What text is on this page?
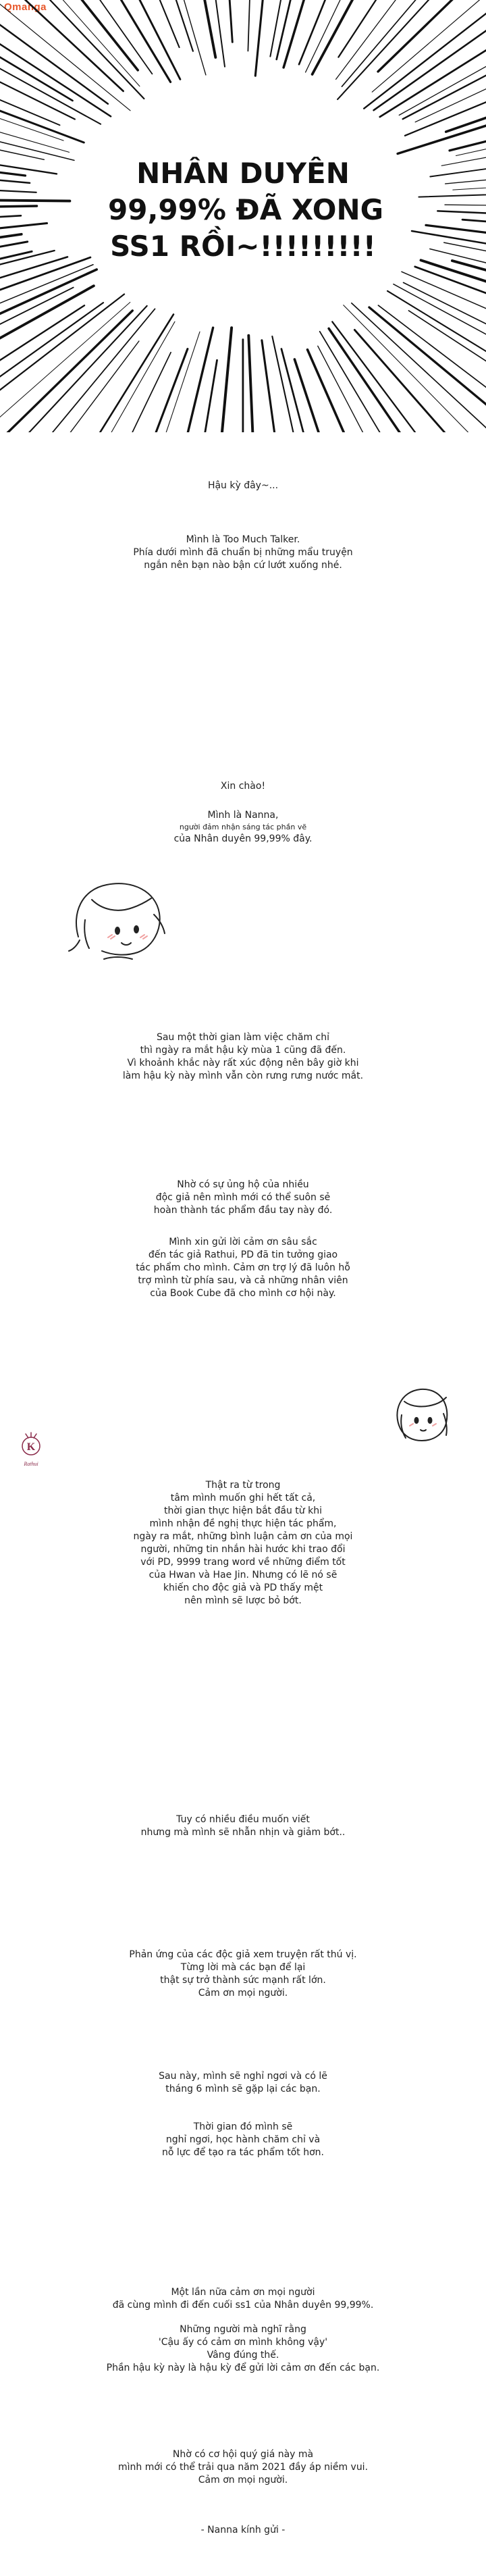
Qmanga
NHÂN DUYÊN
99,99% ĐÃ XONG
SS1 RỒI~!!!!!!!!!
Hậu kỳ đây~...
Mình là Too Much Talker.
Phía dưới mình đã chuẩn bị những mẩu truyện
ngắn nên bạn nào bận cứ lướt xuống nhé.
Xin chào!
Mình là Nanna,
người đảm nhận sáng tác phần vẽ
của Nhân duyên 99,99% đây.
Sau một thời gian làm việc chăm chỉ
thì ngày ra mắt hậu kỳ mùa 1 cũng đã đến.
Vì khoảnh khắc này rất xúc động nên bây giờ khi
làm hậu kỳ này mình vẫn còn rưng rưng nước mắt.
Nhờ có sự ủng hộ của nhiều
độc giả nên mình mới có thể suôn sẻ
hoàn thành tác phẩm đầu tay này đó.
Mình xin gửi lời cảm ơn sâu sắc
đến tác giả Rathui, PD đã tin tưởng giao
tác phẩm cho mình. Cảm ơn trợ lý đã luôn hỗ
trợ mình từ phía sau, và cả những nhân viên
của Book Cube đã cho mình cơ hội này.
Thật ra từ trong
tâm mình muốn ghi hết tất cả,
thời gian thực hiện bắt đầu từ khi
mình nhận đề nghị thực hiện tác phẩm,
ngày ra mắt, những bình luận cảm ơn của mọi
người, những tin nhắn hài hước khi trao đổi
với PD, 9999 trang word về những điểm tốt
của Hwan và Hae Jin. Nhưng có lẽ nó sẽ
khiến cho độc giả và PD thấy mệt
nên mình sẽ lược bỏ bớt.
Tuy có nhiều điều muốn viết
nhưng mà mình sẽ nhẫn nhịn và giảm bớt..
Phản ứng của các độc giả xem truyện rất thú vị.
Từng lời mà các bạn để lại
thật sự trở thành sức mạnh rất lớn.
Cảm ơn mọi người.
Sau này, mình sẽ nghỉ ngơi và có lẽ
tháng 6 mình sẽ gặp lại các bạn.
Thời gian đó mình sẽ
nghỉ ngơi, học hành chăm chỉ và
nỗ lực để tạo ra tác phẩm tốt hơn.
Một lần nữa cảm ơn mọi người
đã cùng mình đi đến cuối ss1 của Nhân duyên 99,99%.
Những người mà nghĩ rằng
'Cậu ấy có cảm ơn mình không vậy'
Vâng đúng thế.
Phần hậu kỳ này là hậu kỳ để gửi lời cảm ơn đến các bạn.
Nhờ có cơ hội quý giá này mà
mình mới có thể trải qua năm 2021 đầy áp niềm vui.
Cảm ơn mọi người.
- Nanna kính gửi -
K
Rathui
